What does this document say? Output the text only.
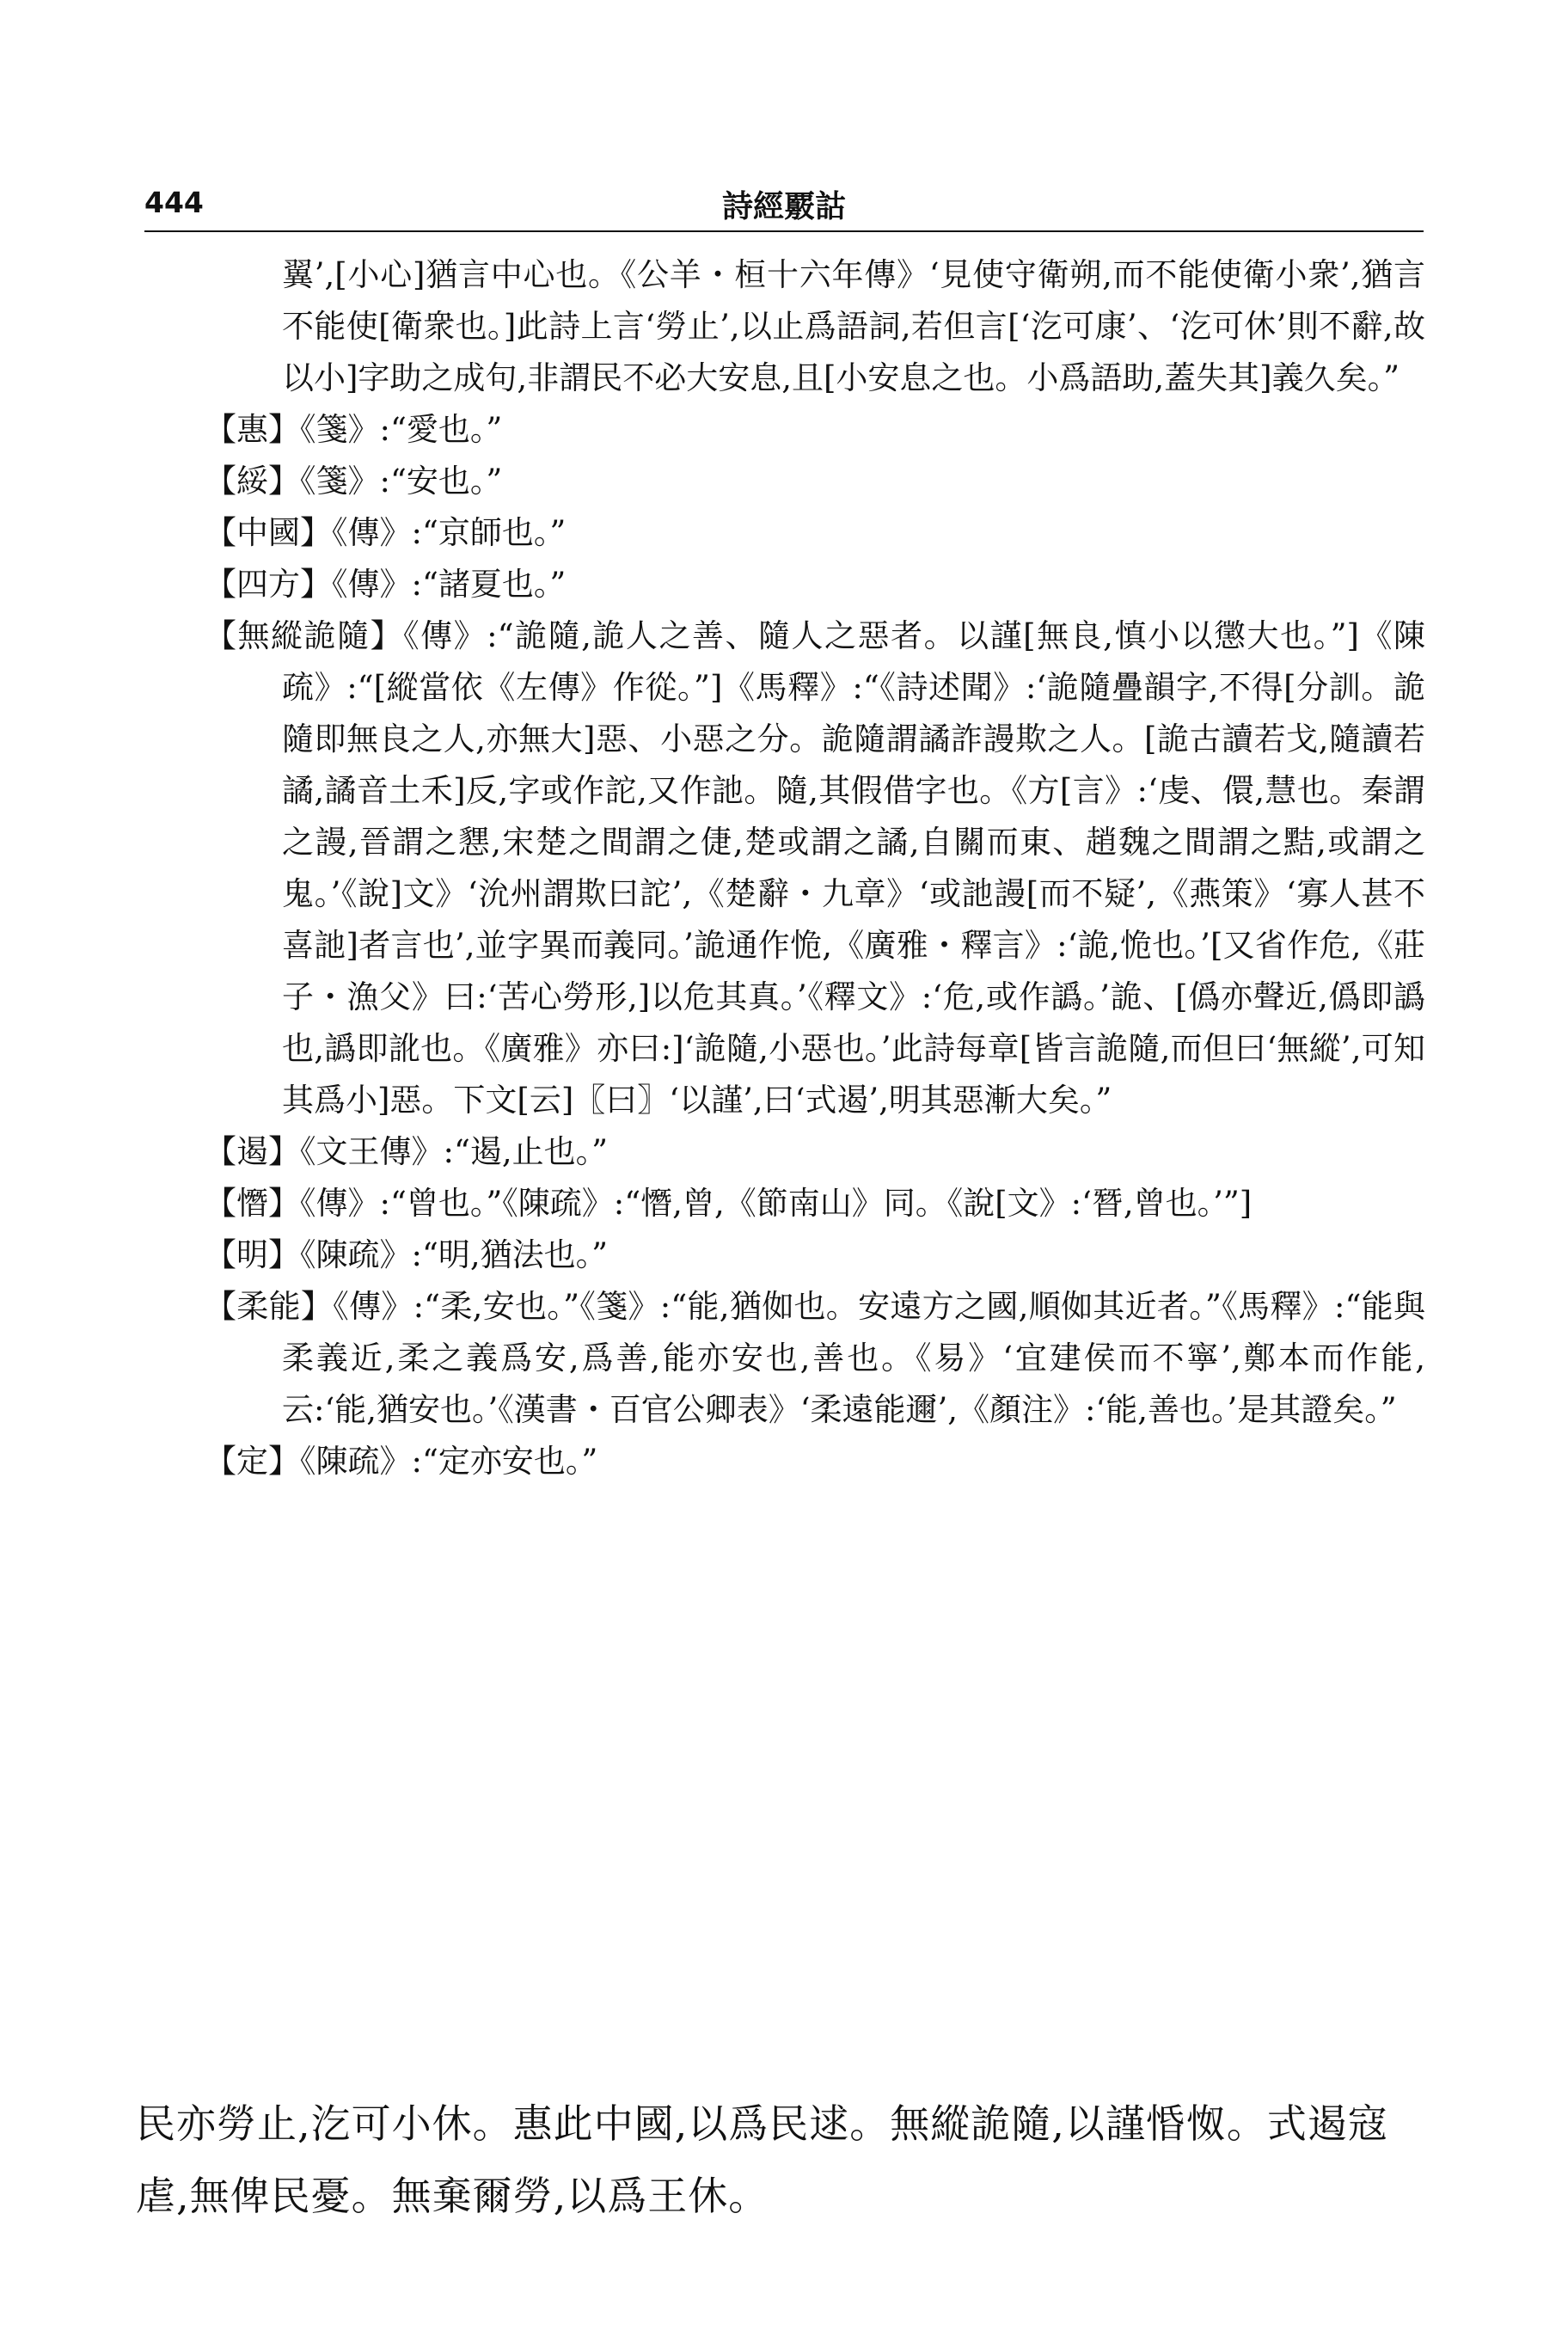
444	詩經覈詁

翼’,[小心]猶言中心也。《公羊・桓十六年傳》‘見使守衛朔,而不能使衛小衆’,猶言不能使[衛衆也。]此詩上言‘勞止’,以止爲語詞,若但言[‘汔可康’、‘汔可休’則不辭,故以小]字助之成句,非謂民不必大安息,且[小安息之也。小爲語助,蓋失其]義久矣。”

【惠】《箋》:“愛也。”

【綏】《箋》:“安也。”

【中國】《傳》:“京師也。”

【四方】《傳》:“諸夏也。”

【無縱詭隨】《傳》:“詭隨,詭人之善、隨人之惡者。以謹[無良,慎小以懲大也。”]《陳疏》:“[縱當依《左傳》作從。”]《馬釋》:“《詩述聞》:‘詭隨疊韻字,不得[分訓。詭隨即無良之人,亦無大]惡、小惡之分。詭隨謂譎詐謾欺之人。[詭古讀若戈,隨讀若譎,譎音土禾]反,字或作詑,又作訑。隨,其假借字也。《方[言》:‘虔、儇,慧也。秦謂之謾,晉謂之㦟,宋楚之間謂之倢,楚或謂之譎,自關而東、趙魏之間謂之黠,或謂之鬼。’《說]文》‘沇州謂欺曰詑’,《楚辭・九章》‘或訑謾[而不疑’,《燕策》‘寡人甚不喜訑]者言也’,並字異而義同。’詭通作恑,《廣雅・釋言》:‘詭,恑也。’[又省作危,《莊子・漁父》曰:‘苦心勞形,]以危其真。’《釋文》:‘危,或作譌。’詭、[僞亦聲近,僞即譌也,譌即訛也。《廣雅》亦曰:]‘詭隨,小惡也。’此詩每章[皆言詭隨,而但曰‘無縱’,可知其爲小]惡。下文[云]〖曰〗‘以謹’,曰‘式遏’,明其惡漸大矣。”

【遏】《文王傳》:“遏,止也。”

【憯】《傳》:“曾也。”《陳疏》:“憯,曾,《節南山》同。《說[文》:‘朁,曾也。’”]

【明】《陳疏》:“明,猶法也。”

【柔能】《傳》:“柔,安也。”《箋》:“能,猶侞也。安遠方之國,順侞其近者。”《馬釋》:“能與柔義近,柔之義爲安,爲善,能亦安也,善也。《易》‘宜建侯而不寧’,鄭本而作能,云:‘能,猶安也。’《漢書・百官公卿表》‘柔遠能邇’,《顏注》:‘能,善也。’是其證矣。”

【定】《陳疏》:“定亦安也。”

民亦勞止,汔可小休。惠此中國,以爲民逑。無縱詭隨,以謹惛怓。式遏寇虐,無俾民憂。無棄爾勞,以爲王休。
